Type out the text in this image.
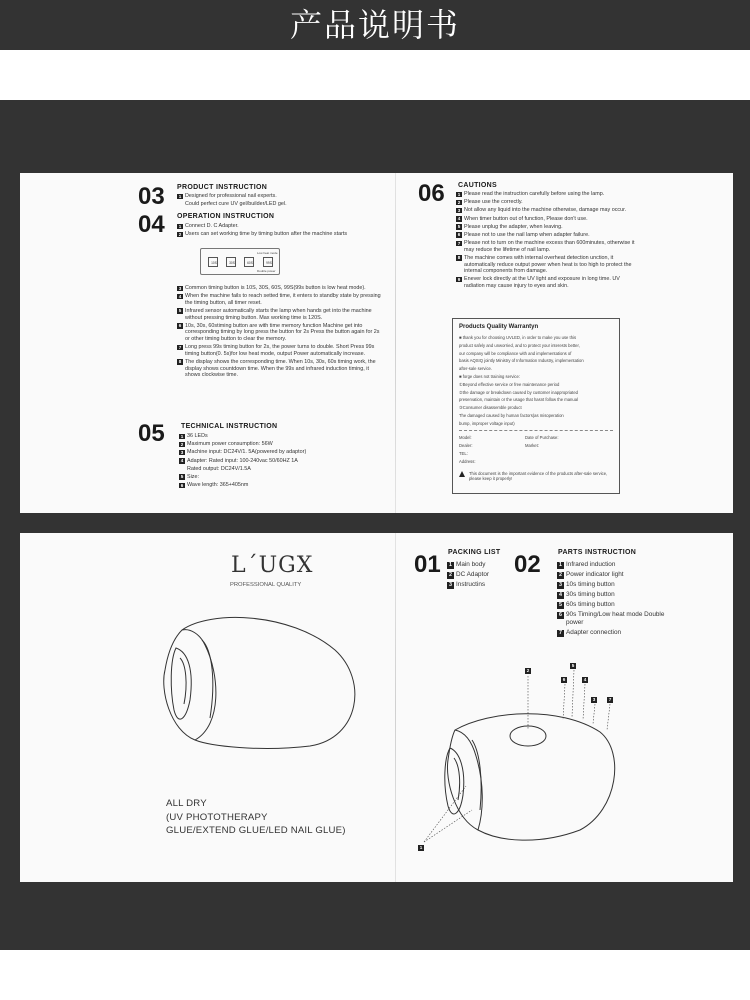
产品说明书
03 PRODUCT INSTRUCTION
1 Designed for professional nail experts.
Could perfect cure UV gel/builder/LED gel.
04 OPERATION INSTRUCTION
1 Connect D. C Adapter.
2 Users can set working time by timing button after the machine starts
10S	30S	60S	99S
Low heat mode
Double power
3 Common timing button is 10S, 30S, 60S, 99S(99s button is low heat mode).
4 When the machine fails to reach setted time, it enters to standby state by pressing the timing button, all timer reset.
5 Infrared sensor automatically starts the lamp when hands get into the machine without pressing timing button. Max working time is 120S.
6 10s, 30s, 60stiming button are with time memory function Machine get into corresponding timing by long press the button for 2s Press the button again for 2s or other timing button to clear the memory.
7 Long press 99s timing button for 2s, the power turns to double. Short Press 99s timing button(0. 5s)for low heat mode, output Power automatically increase.
8 The display shows the corresponding time. When 10s, 30s, 60s timing work, the display shows countdown time. When the 99s and infrared induction timing, it shows clockwise time.
05 TECHNICAL INSTRUCTION
1 36 LEDs
2 Maximum power consumption: 56W
3 Machine input: DC24V/1. 5A(powered by adaptor)
4 Adapter: Rated input: 100-240vac 50/60HZ 1A
Rated output: DC24V/1.5A
5 Size:
6 Wave length: 365+405nm
06 CAUTIONS
1 Please read the instruction carefully before using the lamp.
2 Please use the correctly.
3 Not allow any liquid into the machine otherwise, damage may occur.
4 When timer button out of function, Please don't use.
5 Please unplug the adapter, when leaving.
6 Please not to use the nail lamp when adapter failure.
7 Please not to turn on the machine excess than 600minutes, otherwise it may reduce the lifetime of nail lamp.
8 The machine comes with internal overheat detection unction, it automatically reduce output power when heat is too high to protect the internal components from damage.
9 Enever lock directly at the UV light and exposure in long time. UV radiation may cause injury to eyes and skin.
Products Quality Warrantyn
■ thank you for choosing UVLED, in order to make you use this
product safely and unworried, and to protect your interests better,
our company will be compliance with and implementations of
basis AQSIQ jointly Ministry of Information Industry, implementation
after-sale service.
■ forge does not training service:
①Beyond effective service or free maintenance period
②the damage or breakdown caused by customer inappropriated
preservation, maintain or the usage that hasnt follow the manual
③Consumer disassemble product
The damaged caused by human factors(as misoperation
bump, improper voltage input)
Model:	Date of Purchase:
Dealer:	Market:
TEL:
Address:
This document is the important evidence of the products after-sale service, please keep it properly!
L´UGX
PROFESSIONAL QUALITY
ALL DRY
(UV PHOTOTHERAPY
GLUE/EXTEND GLUE/LED NAIL GLUE)
01 PACKING LIST
1 Main body
2 DC Adaptor
3 Instructins
02 PARTS INSTRUCTION
1 Infrared induction
2 Power indicator light
3 10s timing button
4 30s timing button
5 60s timing button
6 90s Timing/Low heat mode Double power
7 Adapter connection
2
5
6	4
3	7
1
